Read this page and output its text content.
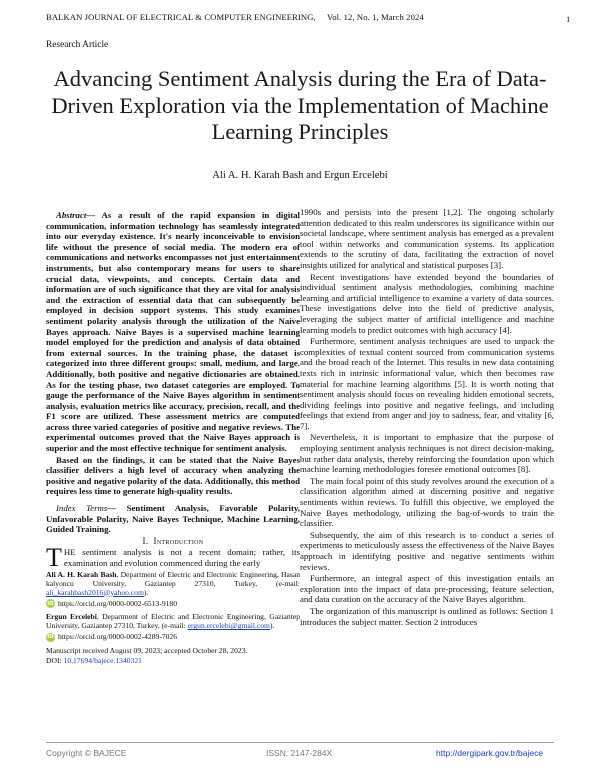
BALKAN JOURNAL OF ELECTRICAL & COMPUTER ENGINEERING, Vol. 12, No. 1, March 2024	1
Research Article
Advancing Sentiment Analysis during the Era of Data-Driven Exploration via the Implementation of Machine Learning Principles
Ali A. H. Karah Bash and Ergun Ercelebi

Abstract— As a result of the rapid expansion in digital communication, information technology has seamlessly integrated into our everyday existence. It's nearly inconceivable to envision life without the presence of social media. The modern era of communications and networks encompasses not just entertainment instruments, but also contemporary means for users to share crucial data, viewpoints, and concepts. Certain data and information are of such significance that they are vital for analysis and the extraction of essential data that can subsequently be employed in decision support systems. This study examines sentiment polarity analysis through the utilization of the Naive Bayes approach. Naive Bayes is a supervised machine learning model employed for the prediction and analysis of data obtained from external sources. In the training phase, the dataset is categorized into three different groups: small, medium, and large. Additionally, both positive and negative dictionaries are obtained. As for the testing phase, two dataset categories are employed. To gauge the performance of the Naive Bayes algorithm in sentiment analysis, evaluation metrics like accuracy, precision, recall, and the F1 score are utilized. These assessment metrics are computed across three varied categories of positive and negative reviews. The experimental outcomes proved that the Naive Bayes approach is superior and the most effective technique for sentiment analysis.

Based on the findings, it can be stated that the Naive Bayes classifier delivers a high level of accuracy when analyzing the positive and negative polarity of the data. Additionally, this method requires less time to generate high-quality results.

Index Terms— Sentiment Analysis, Favorable Polarity, Unfavorable Polarity, Naive Bayes Technique, Machine Learning, Guided Training.

I. Introduction

THE sentiment analysis is not a recent domain; rather, its examination and evolution commenced during the early

Ali A. H. Karah Bash, Department of Electric and Electronic Engineering, Hasan kalyoncu University, Gaziantep 27310, Turkey, (e-mail: ali_karahbash2016@yahoo.com).

iD https://orcid.org/0000-0002-6513-9180

Ergun Ercelebi, Department of Electric and Electronic Engineering, Gaziantep University, Gaziantep 27310, Turkey, (e-mail: ergun.ercelebi@gmail.com).

iD https://orcid.org/0000-0002-4289-7026

Manuscript received August 09, 2023; accepted October 28, 2023.

DOI: 10.17694/bajece.1340321

1990s and persists into the present [1,2]. The ongoing scholarly attention dedicated to this realm underscores its significance within our societal landscape, where sentiment analysis has emerged as a prevalent tool within networks and communication systems. Its application extends to the scrutiny of data, facilitating the extraction of novel insights utilized for analytical and statistical purposes [3].

Recent investigations have extended beyond the boundaries of individual sentiment analysis methodologies, combining machine learning and artificial intelligence to examine a variety of data sources. These investigations delve into the field of predictive analysis, leveraging the subject matter of artificial intelligence and machine learning models to predict outcomes with high accuracy [4].

Furthermore, sentiment analysis techniques are used to unpack the complexities of textual content sourced from communication systems and the broad reach of the Internet. This results in new data containing texts rich in intrinsic informational value, which then becomes raw material for machine learning algorithms [5]. It is worth noting that sentiment analysis should focus on revealing hidden emotional secrets, dividing feelings into positive and negative feelings, and including feelings that extend from anger and joy to sadness, fear, and vitality [6, 7].

Nevertheless, it is important to emphasize that the purpose of employing sentiment analysis techniques is not direct decision-making, but rather data analysis, thereby reinforcing the foundation upon which machine learning methodologies foresee emotional outcomes [8].

The main focal point of this study revolves around the execution of a classification algorithm aimed at discerning positive and negative sentiments within reviews. To fulfill this objective, we employed the Naive Bayes methodology, utilizing the bag-of-words to train the classifier.

Subsequently, the aim of this research is to conduct a series of experiments to meticulously assess the effectiveness of the Naive Bayes approach in identifying positive and negative sentiments within reviews.

Furthermore, an integral aspect of this investigation entails an exploration into the impact of data pre-processing, feature selection, and data curation on the accuracy of the Naive Bayes algorithm.

The organization of this manuscript is outlined as follows: Section 1 introduces the subject matter. Section 2 introduces

Copyright © BAJECE	ISSN: 2147-284X	http://dergipark.gov.tr/bajece
